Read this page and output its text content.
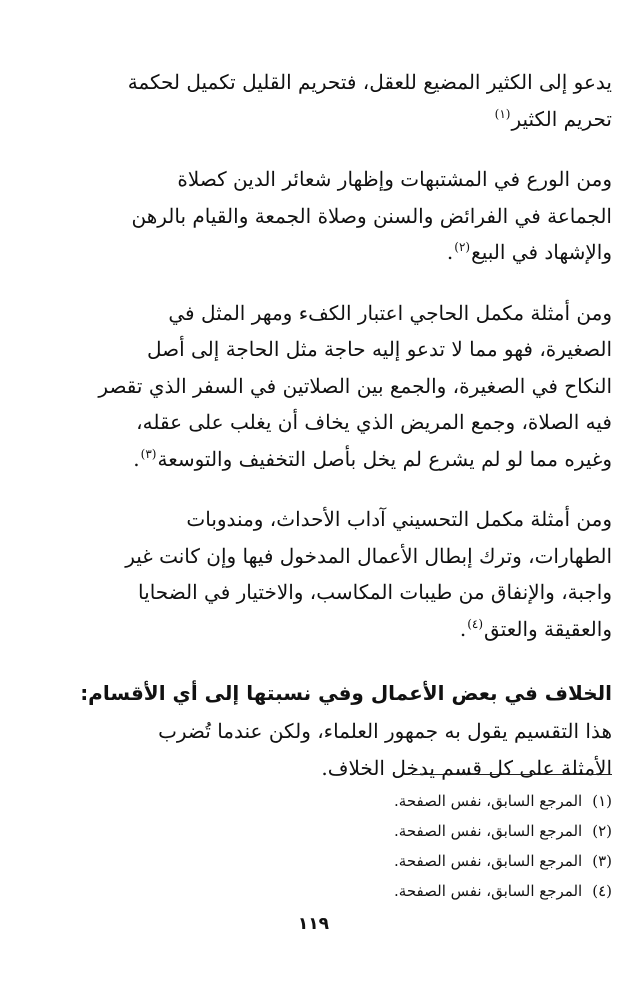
يدعو إلى الكثير المضيع للعقل، فتحريم القليل تكميل لحكمة
تحريم الكثير$^{(١)}$

ومن الورع في المشتبهات وإظهار شعائر الدين كصلاة
الجماعة في الفرائض والسنن وصلاة الجمعة والقيام بالرهن
والإشهاد في البيع$^{(٢)}$.

ومن أمثلة مكمل الحاجي اعتبار الكفء ومهر المثل في
الصغيرة، فهو مما لا تدعو إليه حاجة مثل الحاجة إلى أصل
النكاح في الصغيرة، والجمع بين الصلاتين في السفر الذي تقصر
فيه الصلاة، وجمع المريض الذي يخاف أن يغلب على عقله،
وغيره مما لو لم يشرع لم يخل بأصل التخفيف والتوسعة$^{(٣)}$.

ومن أمثلة مكمل التحسيني آداب الأحداث، ومندوبات
الطهارات، وترك إبطال الأعمال المدخول فيها وإن كانت غير
واجبة، والإنفاق من طيبات المكاسب، والاختيار في الضحايا
والعقيقة والعتق$^{(٤)}$.

الخلاف في بعض الأعمال وفي نسبتها إلى أي الأقسام:

هذا التقسيم يقول به جمهور العلماء، ولكن عندما تُضرب
الأمثلة على كل قسم يدخل الخلاف.

(١)المرجع السابق، نفس الصفحة.
(٢)المرجع السابق، نفس الصفحة.
(٣)المرجع السابق، نفس الصفحة.
(٤)المرجع السابق، نفس الصفحة.
١١٩
